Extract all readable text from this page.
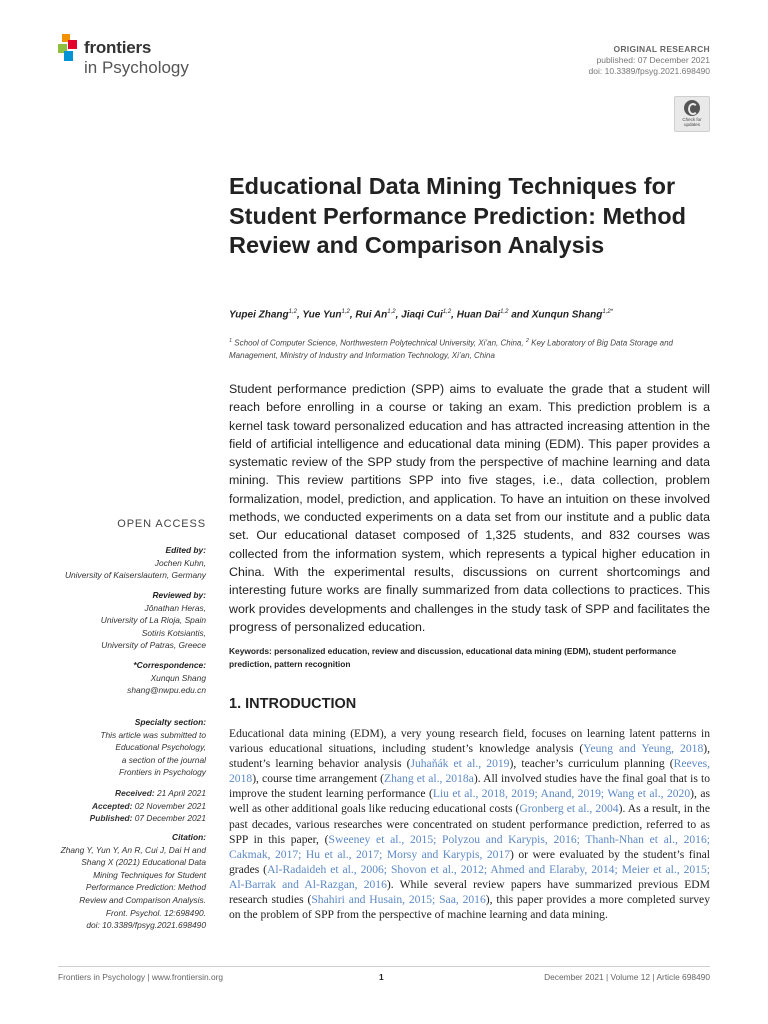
frontiers
in Psychology
ORIGINAL RESEARCH
published: 07 December 2021
doi: 10.3389/fpsyg.2021.698490
Check for
updates
Educational Data Mining Techniques for Student Performance Prediction: Method Review and Comparison Analysis
Yupei Zhang$^{1,2}$, Yue Yun$^{1,2}$, Rui An$^{1,2}$, Jiaqi Cui$^{1,2}$, Huan Dai$^{1,2}$ and Xunqun Shang$^{1,2*}$
$^1$ School of Computer Science, Northwestern Polytechnical University, Xi’an, China, $^2$ Key Laboratory of Big Data Storage and Management, Ministry of Industry and Information Technology, Xi’an, China
Student performance prediction (SPP) aims to evaluate the grade that a student will reach before enrolling in a course or taking an exam. This prediction problem is a kernel task toward personalized education and has attracted increasing attention in the field of artificial intelligence and educational data mining (EDM). This paper provides a systematic review of the SPP study from the perspective of machine learning and data mining. This review partitions SPP into five stages, i.e., data collection, problem formalization, model, prediction, and application. To have an intuition on these involved methods, we conducted experiments on a data set from our institute and a public data set. Our educational dataset composed of 1,325 students, and 832 courses was collected from the information system, which represents a typical higher education in China. With the experimental results, discussions on current shortcomings and interesting future works are finally summarized from data collections to practices. This work provides developments and challenges in the study task of SPP and facilitates the progress of personalized education.
Keywords: personalized education, review and discussion, educational data mining (EDM), student performance prediction, pattern recognition
OPEN ACCESS
Edited by:
Jochen Kuhn,
University of Kaiserslautern, Germany
Reviewed by:
Jônathan Heras,
University of La Rioja, Spain
Sotiris Kotsiantis,
University of Patras, Greece
*Correspondence:
Xunqun Shang
shang@nwpu.edu.cn
Specialty section:
This article was submitted to
Educational Psychology,
a section of the journal
Frontiers in Psychology
Received: 21 April 2021
Accepted: 02 November 2021
Published: 07 December 2021
Citation:
Zhang Y, Yun Y, An R, Cui J, Dai H and
Shang X (2021) Educational Data
Mining Techniques for Student
Performance Prediction: Method
Review and Comparison Analysis.
Front. Psychol. 12:698490.
doi: 10.3389/fpsyg.2021.698490
1. INTRODUCTION
Educational data mining (EDM), a very young research field, focuses on learning latent patterns in various educational situations, including student’s knowledge analysis (Yeung and Yeung, 2018), student’s learning behavior analysis (Juhaňák et al., 2019), teacher’s curriculum planning (Reeves, 2018), course time arrangement (Zhang et al., 2018a). All involved studies have the final goal that is to improve the student learning performance (Liu et al., 2018, 2019; Anand, 2019; Wang et al., 2020), as well as other additional goals like reducing educational costs (Gronberg et al., 2004). As a result, in the past decades, various researches were concentrated on student performance prediction, referred to as SPP in this paper, (Sweeney et al., 2015; Polyzou and Karypis, 2016; Thanh-Nhan et al., 2016; Cakmak, 2017; Hu et al., 2017; Morsy and Karypis, 2017) or were evaluated by the student’s final grades (Al-Radaideh et al., 2006; Shovon et al., 2012; Ahmed and Elaraby, 2014; Meier et al., 2015; Al-Barrak and Al-Razgan, 2016). While several review papers have summarized previous EDM research studies (Shahiri and Husain, 2015; Saa, 2016), this paper provides a more completed survey on the problem of SPP from the perspective of machine learning and data mining.
Frontiers in Psychology | www.frontiersin.org	1	December 2021 | Volume 12 | Article 698490
